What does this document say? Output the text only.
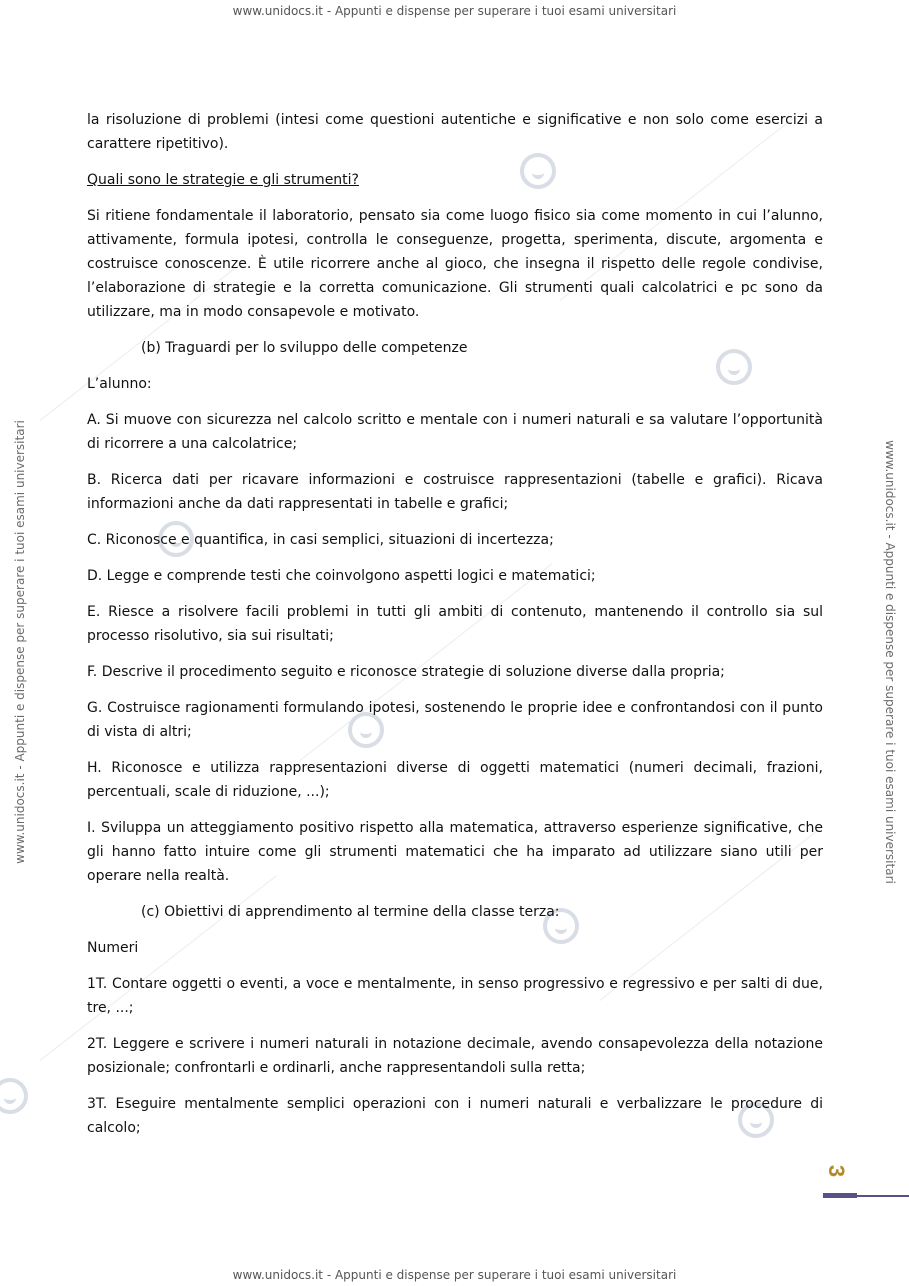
www.unidocs.it - Appunti e dispense per superare i tuoi esami universitari
www.unidocs.it - Appunti e dispense per superare i tuoi esami universitari
www.unidocs.it - Appunti e dispense per superare i tuoi esami universitari	www.unidocs.it - Appunti e dispense per superare i tuoi esami universitari

la risoluzione di problemi (intesi come questioni autentiche e significative e non solo come esercizi a carattere ripetitivo).

Quali sono le strategie e gli strumenti?

Si ritiene fondamentale il laboratorio, pensato sia come luogo fisico sia come momento in cui l’alunno, attivamente, formula ipotesi, controlla le conseguenze, progetta, sperimenta, discute, argomenta e costruisce conoscenze. È utile ricorrere anche al gioco, che insegna il rispetto delle regole condivise, l’elaborazione di strategie e la corretta comunicazione. Gli strumenti quali calcolatrici e pc sono da utilizzare, ma in modo consapevole e motivato.

(b) Traguardi per lo sviluppo delle competenze

L’alunno:

A. Si muove con sicurezza nel calcolo scritto e mentale con i numeri naturali e sa valutare l’opportunità di ricorrere a una calcolatrice;

B. Ricerca dati per ricavare informazioni e costruisce rappresentazioni (tabelle e grafici). Ricava informazioni anche da dati rappresentati in tabelle e grafici;

C. Riconosce e quantifica, in casi semplici, situazioni di incertezza;

D. Legge e comprende testi che coinvolgono aspetti logici e matematici;

E. Riesce a risolvere facili problemi in tutti gli ambiti di contenuto, mantenendo il controllo sia sul processo risolutivo, sia sui risultati;

F. Descrive il procedimento seguito e riconosce strategie di soluzione diverse dalla propria;

G. Costruisce ragionamenti formulando ipotesi, sostenendo le proprie idee e confrontandosi con il punto di vista di altri;

H. Riconosce e utilizza rappresentazioni diverse di oggetti matematici (numeri decimali, frazioni, percentuali, scale di riduzione, ...);

I. Sviluppa un atteggiamento positivo rispetto alla matematica, attraverso esperienze significative, che gli hanno fatto intuire come gli strumenti matematici che ha imparato ad utilizzare siano utili per operare nella realtà.

(c) Obiettivi di apprendimento al termine della classe terza:

Numeri

1T. Contare oggetti o eventi, a voce e mentalmente, in senso progressivo e regressivo e per salti di due, tre, ...;

2T. Leggere e scrivere i numeri naturali in notazione decimale, avendo consapevolezza della notazione posizionale; confrontarli e ordinarli, anche rappresentandoli sulla retta;

3T. Eseguire mentalmente semplici operazioni con i numeri naturali e verbalizzare le procedure di calcolo;

3
